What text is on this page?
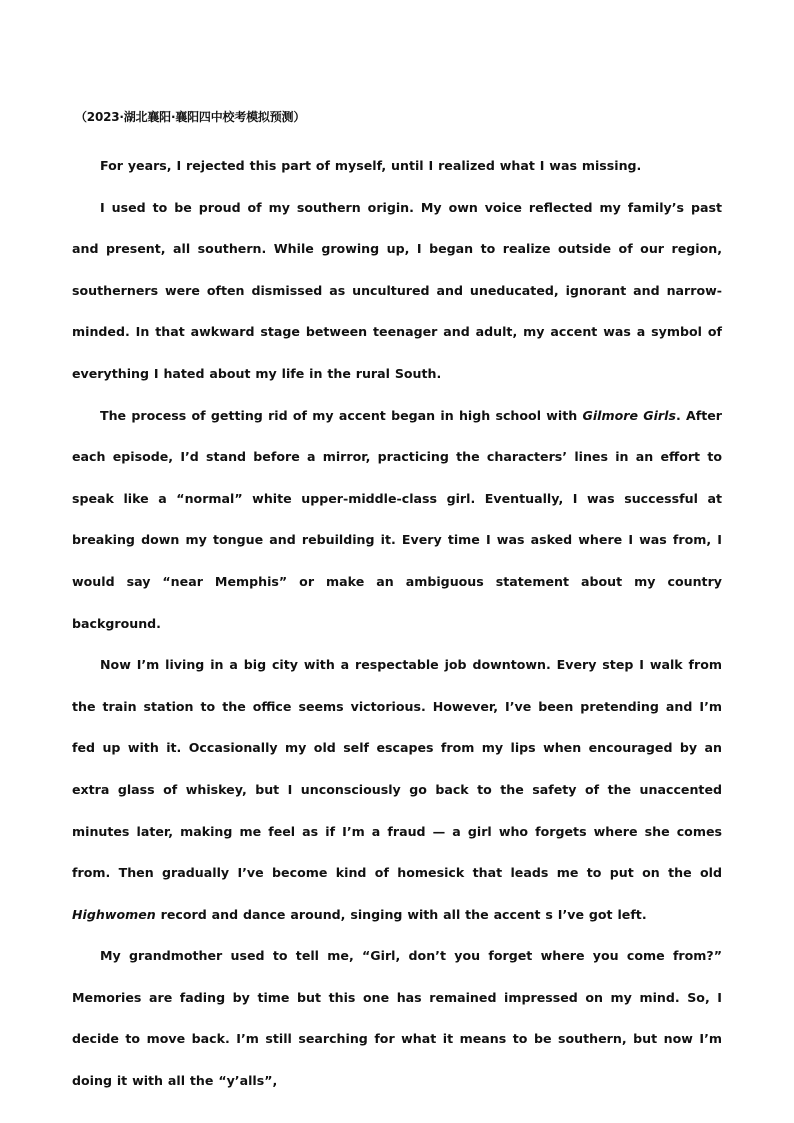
（2023·湖北襄阳·襄阳四中校考模拟预测）

For years, I rejected this part of myself, until I realized what I was missing.

I used to be proud of my southern origin. My own voice reflected my family’s past and present, all southern. While growing up, I began to realize outside of our region, southerners were often dismissed as uncultured and uneducated, ignorant and narrow-minded. In that awkward stage between teenager and adult, my accent was a symbol of everything I hated about my life in the rural South.

The process of getting rid of my accent began in high school with Gilmore Girls. After each episode, I’d stand before a mirror, practicing the characters’ lines in an effort to speak like a “normal” white upper-middle-class girl. Eventually, I was successful at breaking down my tongue and rebuilding it. Every time I was asked where I was from, I would say “near Memphis” or make an ambiguous statement about my country background.

Now I’m living in a big city with a respectable job downtown. Every step I walk from the train station to the office seems victorious. However, I’ve been pretending and I’m fed up with it. Occasionally my old self escapes from my lips when encouraged by an extra glass of whiskey, but I unconsciously go back to the safety of the unaccented minutes later, making me feel as if I’m a fraud — a girl who forgets where she comes from. Then gradually I’ve become kind of homesick that leads me to put on the old Highwomen record and dance around, singing with all the accent s I’ve got left.

My grandmother used to tell me, “Girl, don’t you forget where you come from?” Memories are fading by time but this one has remained impressed on my mind. So, I decide to move back. I’m still searching for what it means to be southern, but now I’m doing it with all the “y’alls”,
